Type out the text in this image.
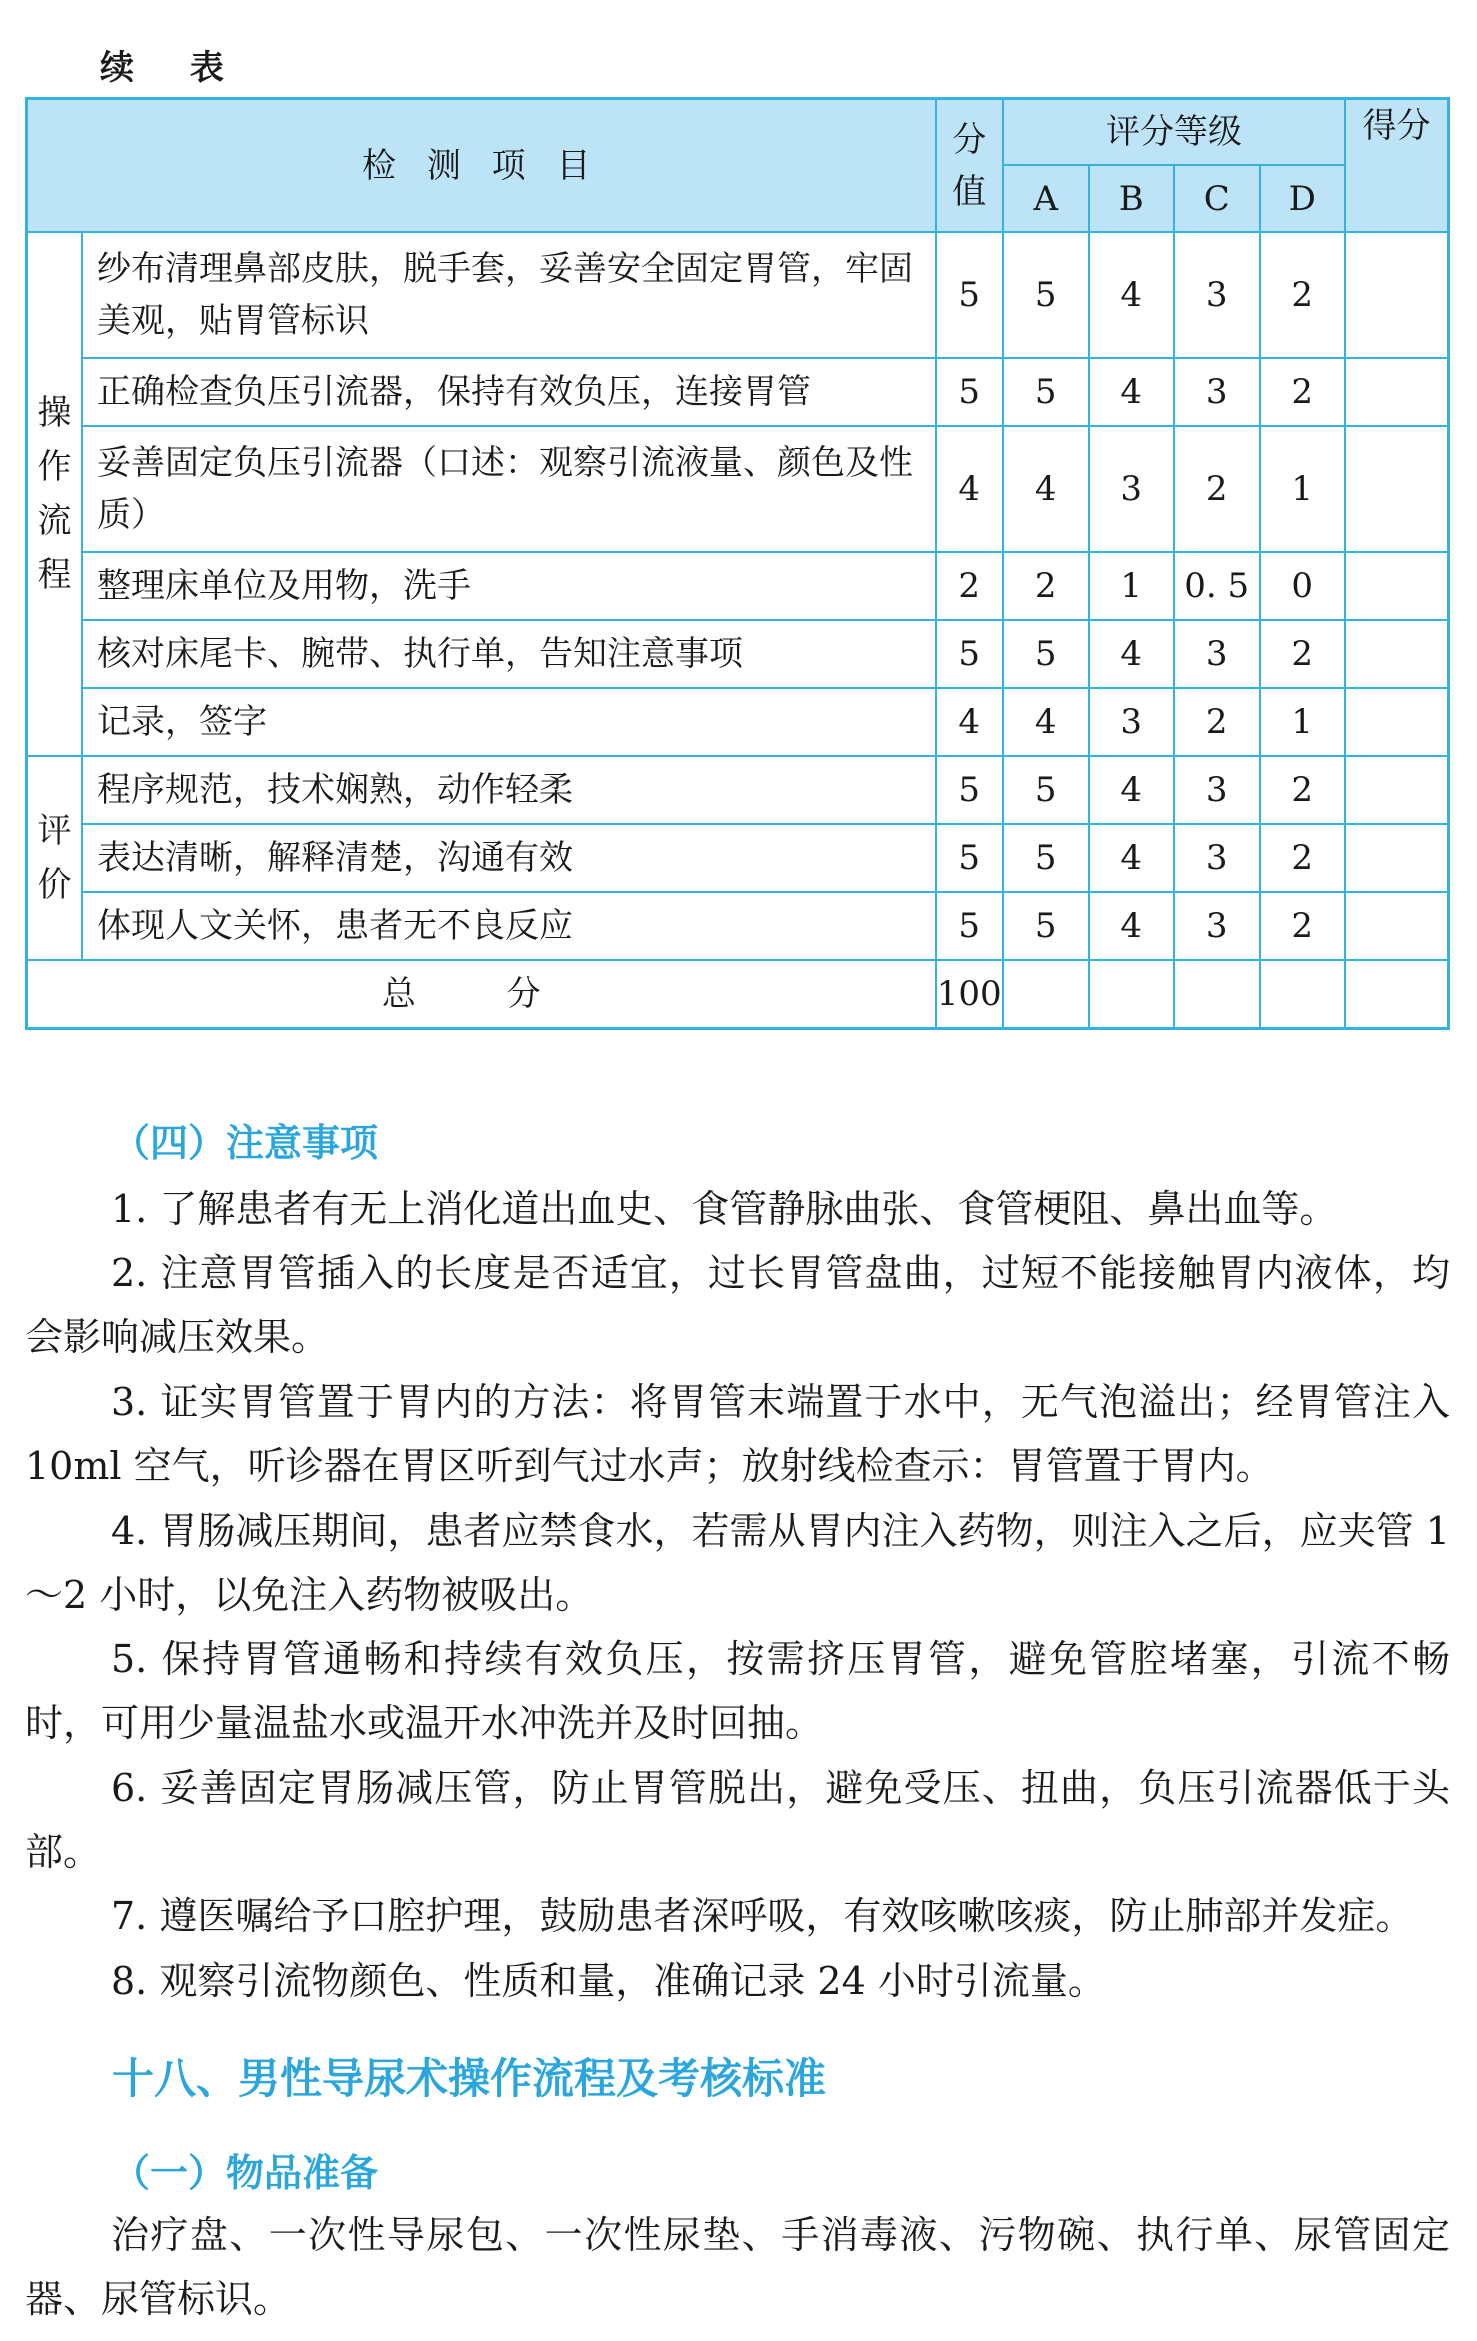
续 表
检 测 项 目		分值	评分等级				得分
			A	B	C	D	
操作流程	纱布清理鼻部皮肤，脱手套，妥善安全固定胃管，牢固美观，贴胃管标识	5	5	4	3	2	
	正确检查负压引流器，保持有效负压，连接胃管	5	5	4	3	2	
	妥善固定负压引流器（口述：观察引流液量、颜色及性质）	4	4	3	2	1	
	整理床单位及用物，洗手	2	2	1	0. 5	0	
	核对床尾卡、腕带、执行单，告知注意事项	5	5	4	3	2	
	记录，签字	4	4	3	2	1	
评价	程序规范，技术娴熟，动作轻柔	5	5	4	3	2	
	表达清晰，解释清楚，沟通有效	5	5	4	3	2	
	体现人文关怀，患者无不良反应	5	5	4	3	2	
总 分		100					
（四）注意事项

1. 了解患者有无上消化道出血史、食管静脉曲张、食管梗阻、鼻出血等。

2. 注意胃管插入的长度是否适宜，过长胃管盘曲，过短不能接触胃内液体，均会影响减压效果。

3. 证实胃管置于胃内的方法：将胃管末端置于水中，无气泡溢出；经胃管注入 10ml 空气，听诊器在胃区听到气过水声；放射线检查示：胃管置于胃内。

4. 胃肠减压期间，患者应禁食水，若需从胃内注入药物，则注入之后，应夹管 1～2 小时，以免注入药物被吸出。

5. 保持胃管通畅和持续有效负压，按需挤压胃管，避免管腔堵塞，引流不畅时，可用少量温盐水或温开水冲洗并及时回抽。

6. 妥善固定胃肠减压管，防止胃管脱出，避免受压、扭曲，负压引流器低于头部。

7. 遵医嘱给予口腔护理，鼓励患者深呼吸，有效咳嗽咳痰，防止肺部并发症。

8. 观察引流物颜色、性质和量，准确记录 24 小时引流量。

十八、男性导尿术操作流程及考核标准
（一）物品准备

治疗盘、一次性导尿包、一次性尿垫、手消毒液、污物碗、执行单、尿管固定器、尿管标识。
